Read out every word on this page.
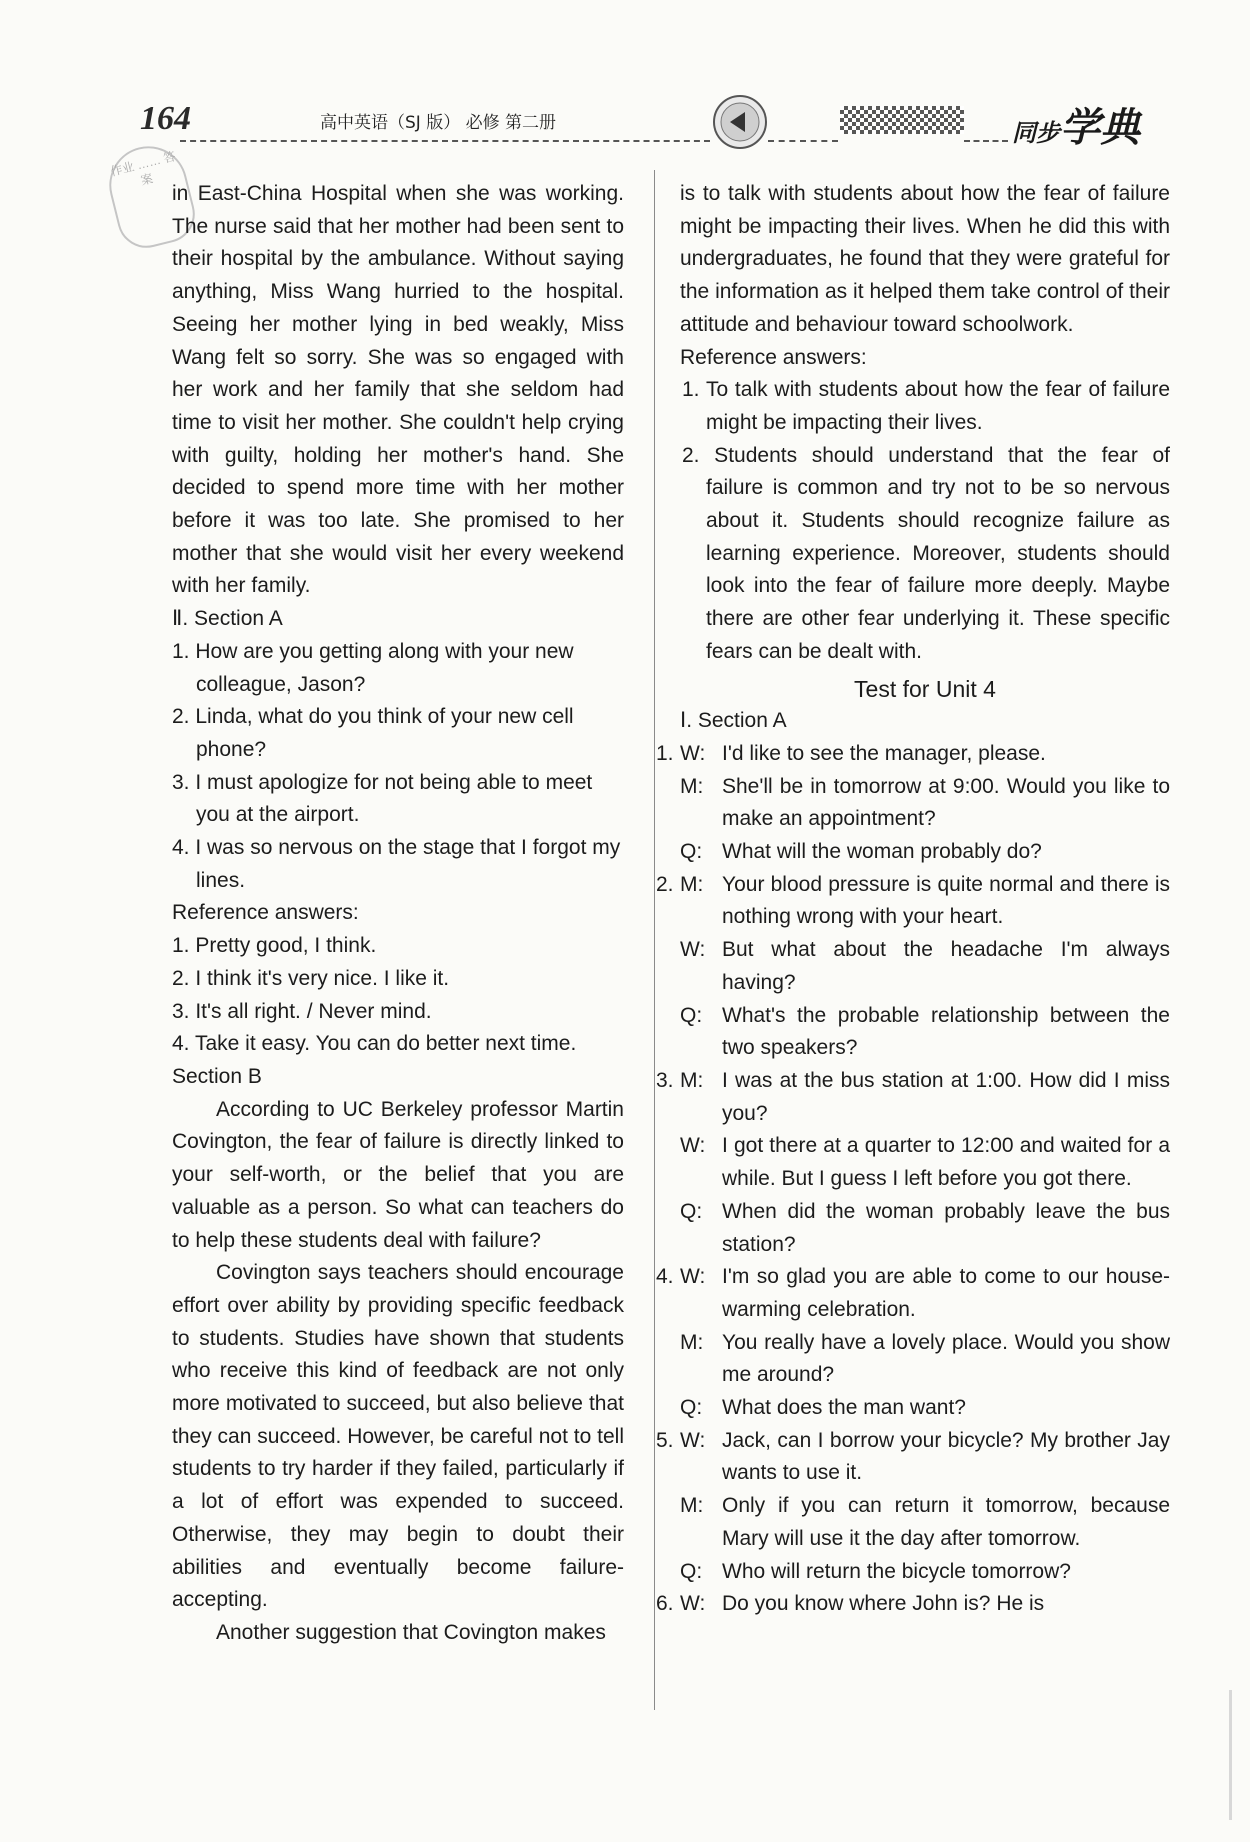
164	高中英语（SJ 版） 必修 第二册	同步学典
作业 …… 答案

in East-China Hospital when she was working. The nurse said that her mother had been sent to their hospital by the ambulance. Without saying anything, Miss Wang hurried to the hospital. Seeing her mother lying in bed weakly, Miss Wang felt so sorry. She was so engaged with her work and her family that she seldom had time to visit her mother. She couldn't help crying with guilty, holding her mother's hand. She decided to spend more time with her mother before it was too late. She promised to her mother that she would visit her every weekend with her family.

Ⅱ. Section A

1. How are you getting along with your new colleague, Jason?

2. Linda, what do you think of your new cell phone?

3. I must apologize for not being able to meet you at the airport.

4. I was so nervous on the stage that I forgot my lines.

Reference answers:

1. Pretty good, I think.

2. I think it's very nice. I like it.

3. It's all right. / Never mind.

4. Take it easy. You can do better next time.

Section B

According to UC Berkeley professor Martin Covington, the fear of failure is directly linked to your self-worth, or the belief that you are valuable as a person. So what can teachers do to help these students deal with failure?

Covington says teachers should encourage effort over ability by providing specific feedback to students. Studies have shown that students who receive this kind of feedback are not only more motivated to succeed, but also believe that they can succeed. However, be careful not to tell students to try harder if they failed, particularly if a lot of effort was expended to succeed. Otherwise, they may begin to doubt their abilities and eventually become failure-accepting.

Another suggestion that Covington makes

is to talk with students about how the fear of failure might be impacting their lives. When he did this with undergraduates, he found that they were grateful for the information as it helped them take control of their attitude and behaviour toward schoolwork.

Reference answers:

1. To talk with students about how the fear of failure might be impacting their lives.

2. Students should understand that the fear of failure is common and try not to be so nervous about it. Students should recognize failure as learning experience. Moreover, students should look into the fear of failure more deeply. Maybe there are other fear underlying it. These specific fears can be dealt with.

Test for Unit 4

Ⅰ. Section A

1. W: I'd like to see the manager, please.
M: She'll be in tomorrow at 9:00. Would you like to make an appointment?
Q: What will the woman probably do?
2. M: Your blood pressure is quite normal and there is nothing wrong with your heart.
W: But what about the headache I'm always having?
Q: What's the probable relationship between the two speakers?
3. M: I was at the bus station at 1:00. How did I miss you?
W: I got there at a quarter to 12:00 and waited for a while. But I guess I left before you got there.
Q: When did the woman probably leave the bus station?
4. W: I'm so glad you are able to come to our house-warming celebration.
M: You really have a lovely place. Would you show me around?
Q: What does the man want?
5. W: Jack, can I borrow your bicycle? My brother Jay wants to use it.
M: Only if you can return it tomorrow, because Mary will use it the day after tomorrow.
Q: Who will return the bicycle tomorrow?
6. W: Do you know where John is? He is
